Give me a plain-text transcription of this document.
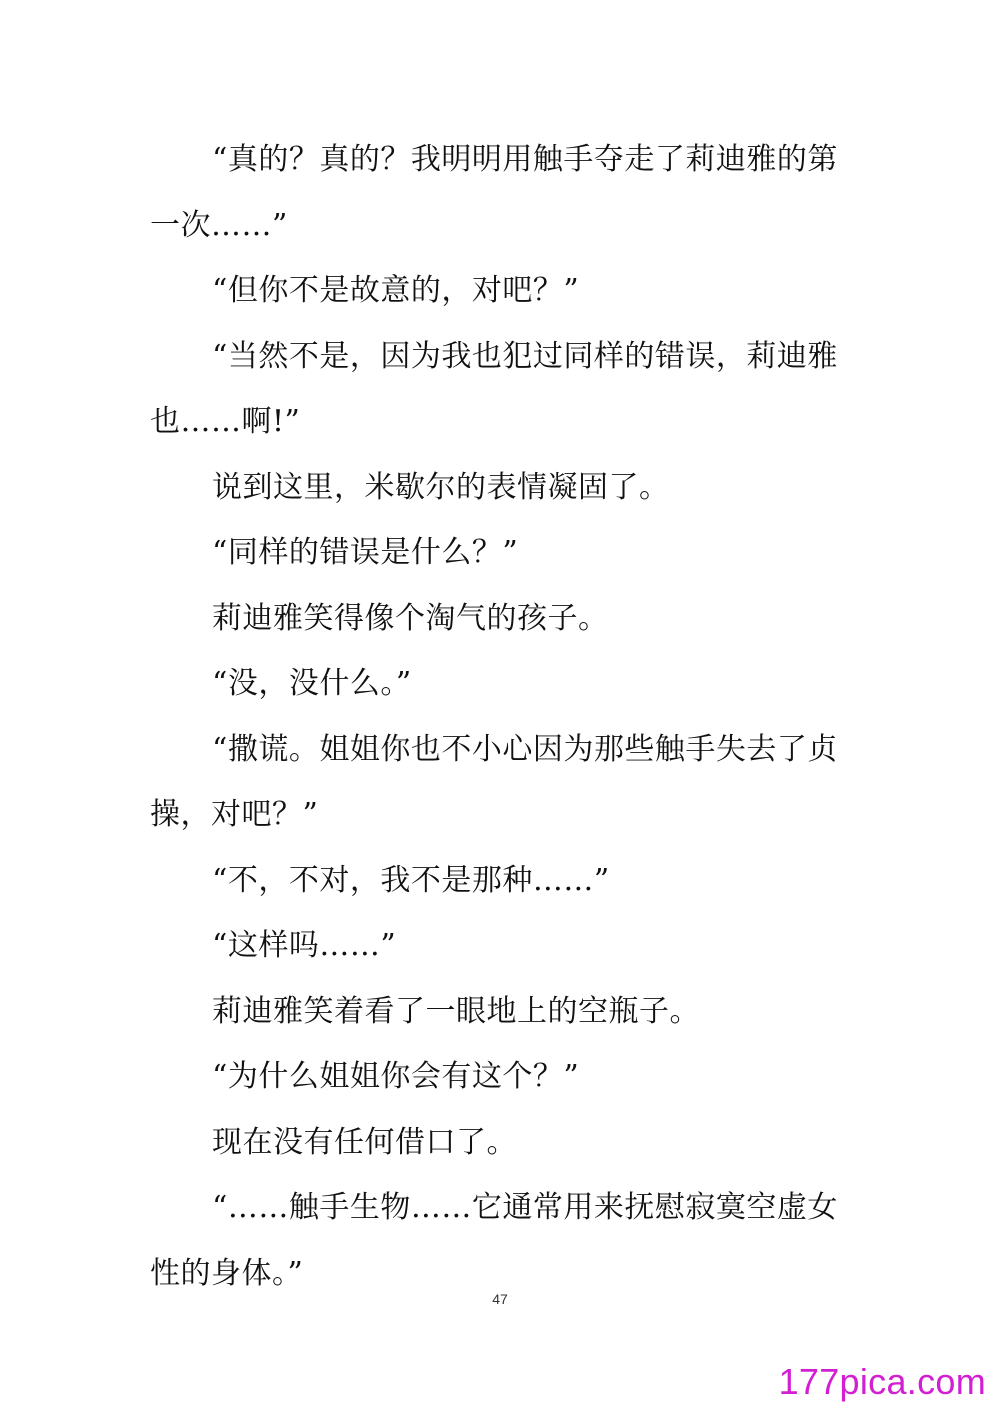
“真的？真的？我明明用触手夺走了莉迪雅的第
一次……”
“但你不是故意的，对吧？”
“当然不是，因为我也犯过同样的错误，莉迪雅
也……啊!”
说到这里，米歇尔的表情凝固了。
“同样的错误是什么？”
莉迪雅笑得像个淘气的孩子。
“没，没什么。”
“撒谎。姐姐你也不小心因为那些触手失去了贞
操，对吧？”
“不，不对，我不是那种……”
“这样吗……”
莉迪雅笑着看了一眼地上的空瓶子。
“为什么姐姐你会有这个？”
现在没有任何借口了。
“……触手生物……它通常用来抚慰寂寞空虚女
性的身体。”
47
177pica.com
